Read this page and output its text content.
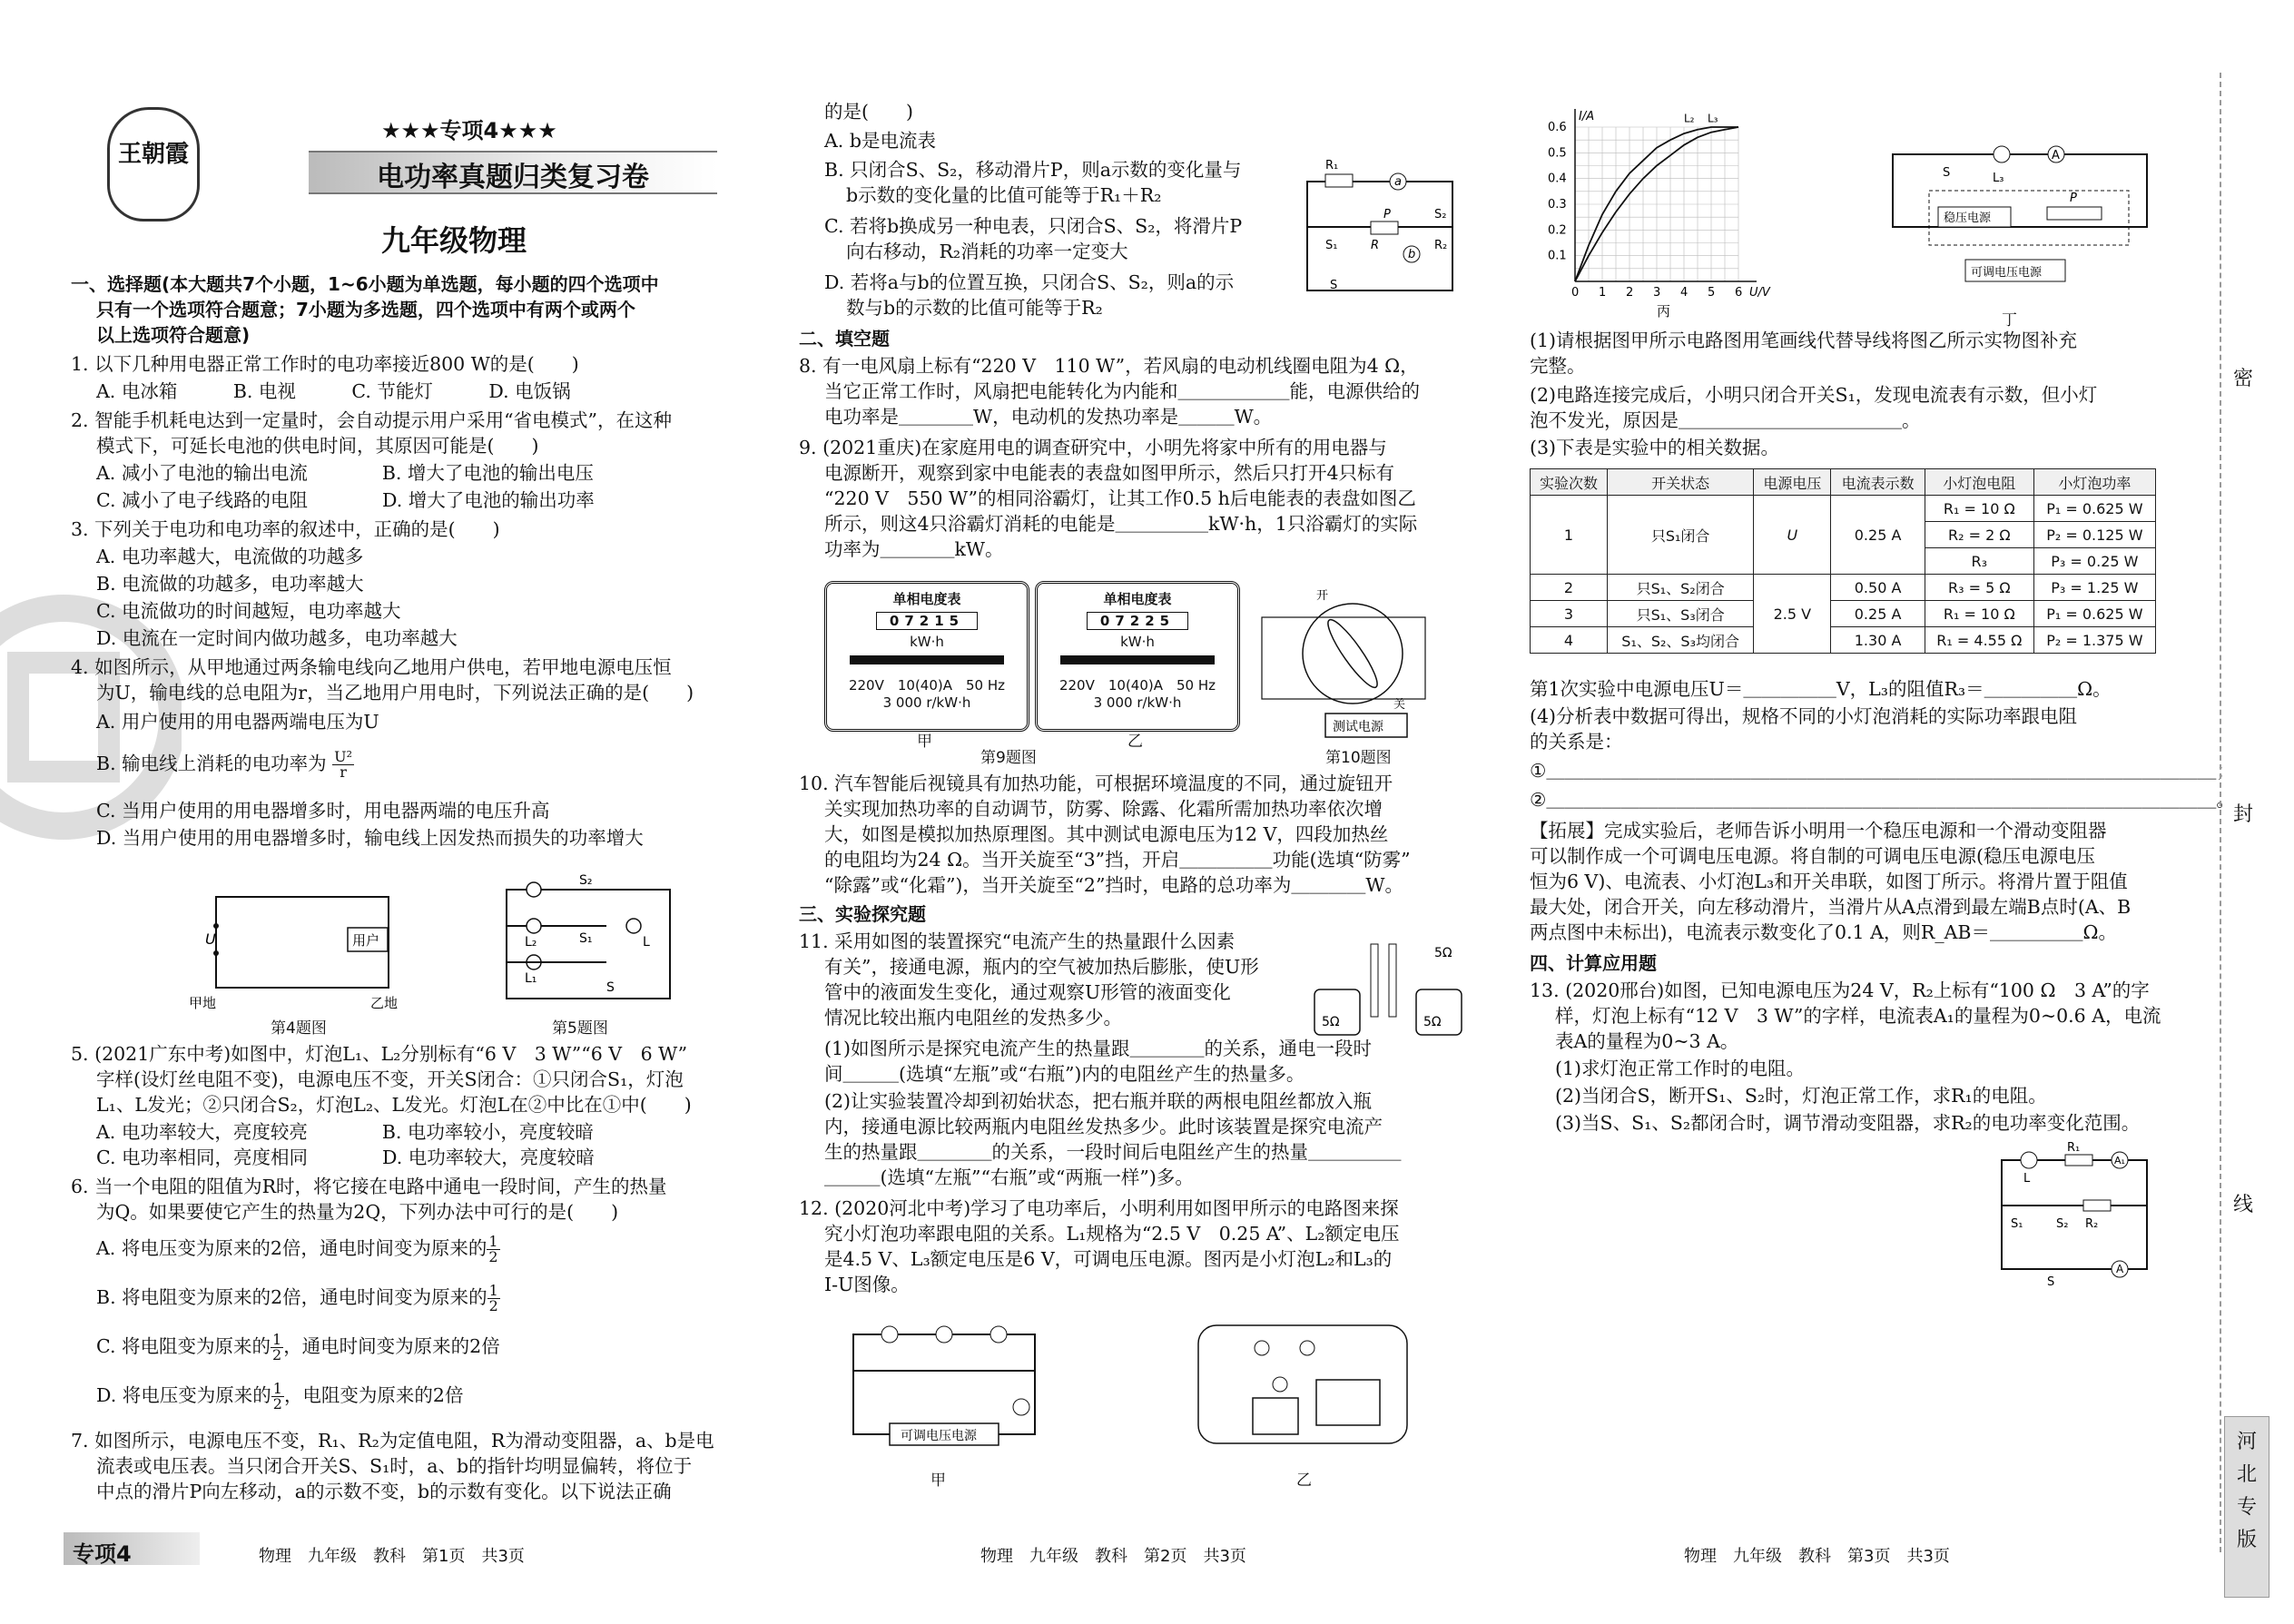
王朝霞
★★★专项4★★★
电功率真题归类复习卷
九年级物理
一、选择题(本大题共7个小题，1~6小题为单选题，每小题的四个选项中
只有一个选项符合题意；7小题为多选题，四个选项中有两个或两个
以上选项符合题意)
1. 以下几种用电器正常工作时的电功率接近800 W的是(　　)
A. 电冰箱　　　B. 电视　　　C. 节能灯　　　D. 电饭锅
2. 智能手机耗电达到一定量时，会自动提示用户采用“省电模式”，在这种
模式下，可延长电池的供电时间，其原因可能是(　　)
A. 减小了电池的输出电流　　　　B. 增大了电池的输出电压
C. 减小了电子线路的电阻　　　　D. 增大了电池的输出功率
3. 下列关于电功和电功率的叙述中，正确的是(　　)
A. 电功率越大，电流做的功越多
B. 电流做的功越多，电功率越大
C. 电流做功的时间越短，电功率越大
D. 电流在一定时间内做功越多，电功率越大
4. 如图所示，从甲地通过两条输电线向乙地用户供电，若甲地电源电压恒
为U，输电线的总电阻为r，当乙地用户用电时，下列说法正确的是(　　)
A. 用户使用的用电器两端电压为U
B. 输电线上消耗的电功率为 $\frac{\text{U²}}{r}$
C. 当用户使用的用电器增多时，用电器两端的电压升高
D. 当用户使用的用电器增多时，输电线上因发热而损失的功率增大
U	用户
甲地	乙地
第4题图
S₂
L₂	S₁	L
L₁
S
第5题图
5. (2021广东中考)如图中，灯泡L₁、L₂分别标有“6 V　3 W”“6 V　6 W”
字样(设灯丝电阻不变)，电源电压不变，开关S闭合：①只闭合S₁，灯泡
L₁、L发光；②只闭合S₂，灯泡L₂、L发光。灯泡L在②中比在①中(　　)
A. 电功率较大，亮度较亮　　　　B. 电功率较小，亮度较暗
C. 电功率相同，亮度相同　　　　D. 电功率较大，亮度较暗
6. 当一个电阻的阻值为R时，将它接在电路中通电一段时间，产生的热量
为Q。如果要使它产生的热量为2Q，下列办法中可行的是(　　)
A. 将电压变为原来的2倍，通电时间变为原来的 $\frac{1}{2}$
B. 将电阻变为原来的2倍，通电时间变为原来的 $\frac{1}{2}$
C. 将电阻变为原来的 $\frac{1}{2}$ ，通电时间变为原来的2倍
D. 将电压变为原来的 $\frac{1}{2}$ ，电阻变为原来的2倍
7. 如图所示，电源电压不变，R₁、R₂为定值电阻，R为滑动变阻器，a、b是电
流表或电压表。当只闭合开关S、S₁时，a、b的指针均明显偏转，将位于
中点的滑片P向左移动，a的示数不变，b的示数有变化。以下说法正确
的是(　　)
A. b是电流表
B. 只闭合S、S₂，移动滑片P，则a示数的变化量与
b示数的变化量的比值可能等于R₁＋R₂
C. 若将b换成另一种电表，只闭合S、S₂，将滑片P
向右移动，R₂消耗的功率一定变大
D. 若将a与b的位置互换，只闭合S、S₂，则a的示
数与b的示数的比值可能等于R₂
R₁
a
S₁
P	S₂
R₂
R
b
S
二、填空题
8. 有一电风扇上标有“220 V　110 W”，若风扇的电动机线圈电阻为4 Ω，
当它正常工作时，风扇把电能转化为内能和＿＿＿＿＿＿能，电源供给的
电功率是＿＿＿＿W，电动机的发热功率是＿＿＿W。
9. (2021重庆)在家庭用电的调查研究中，小明先将家中所有的用电器与
电源断开，观察到家中电能表的表盘如图甲所示，然后只打开4只标有
“220 V　550 W”的相同浴霸灯，让其工作0.5 h后电能表的表盘如图乙
所示，则这4只浴霸灯消耗的电能是＿＿＿＿＿kW·h，1只浴霸灯的实际
功率为＿＿＿＿kW。
单相电度表
07215
kW·h
220V　10(40)A　50 Hz
3 000 r/kW·h
单相电度表
07225
kW·h
220V　10(40)A　50 Hz
3 000 r/kW·h
甲	乙
第9题图
测试电源
开
关
第10题图
10. 汽车智能后视镜具有加热功能，可根据环境温度的不同，通过旋钮开
关实现加热功率的自动调节，防雾、除露、化霜所需加热功率依次增
大，如图是模拟加热原理图。其中测试电源电压为12 V，四段加热丝
的电阻均为24 Ω。当开关旋至“3”挡，开启＿＿＿＿＿功能(选填“防雾”
“除露”或“化霜”)，当开关旋至“2”挡时，电路的总功率为＿＿＿＿W。
三、实验探究题
11. 采用如图的装置探究“电流产生的热量跟什么因素
有关”，接通电源，瓶内的空气被加热后膨胀，使U形
管中的液面发生变化，通过观察U形管的液面变化
情况比较出瓶内电阻丝的发热多少。	5Ω	5Ω
5Ω
(1)如图所示是探究电流产生的热量跟＿＿＿＿的关系，通电一段时
间＿＿＿(选填“左瓶”或“右瓶”)内的电阻丝产生的热量多。
(2)让实验装置冷却到初始状态，把右瓶并联的两根电阻丝都放入瓶
内，接通电源比较两瓶内电阻丝发热多少。此时该装置是探究电流产
生的热量跟＿＿＿＿的关系，一段时间后电阻丝产生的热量＿＿＿＿＿
＿＿＿(选填“左瓶”“右瓶”或“两瓶一样”)多。
12. (2020河北中考)学习了电功率后，小明利用如图甲所示的电路图来探
究小灯泡功率跟电阻的关系。L₁规格为“2.5 V　0.25 A”、L₂额定电压
是4.5 V、L₃额定电压是6 V，可调电压电源。图丙是小灯泡L₂和L₃的
I-U图像。
可调电压电源
甲	乙
0 1 2 3 4 5 6
0.1
0.2
0.3
0.4
0.5
0.6
U/V
I/A	L₂ L₃
丙
S	L₃
A
P
稳压电源
可调电压电源
丁
(1)请根据图甲所示电路图用笔画线代替导线将图乙所示实物图补充
完整。
(2)电路连接完成后，小明只闭合开关S₁，发现电流表有示数，但小灯
泡不发光，原因是＿＿＿＿＿＿＿＿＿＿＿＿。
(3)下表是实验中的相关数据。
实验次数	开关状态	电源电压	电流表示数	小灯泡电阻	小灯泡功率
1	只S₁闭合	U	0.25 A	R₁ = 10 Ω	P₁ = 0.625 W
				R₂ = 2 Ω	P₂ = 0.125 W
				R₃	P₃ = 0.25 W
2	只S₁、S₂闭合	2.5 V	0.50 A	R₃ = 5 Ω	P₃ = 1.25 W
3	只S₁、S₃闭合		0.25 A	R₁ = 10 Ω	P₁ = 0.625 W
4	S₁、S₂、S₃均闭合		1.30 A	R₁ = 4.55 Ω	P₂ = 1.375 W
第1次实验中电源电压U＝＿＿＿＿＿V，L₃的阻值R₃＝＿＿＿＿＿Ω。
(4)分析表中数据可得出，规格不同的小灯泡消耗的实际功率跟电阻
的关系是：
①＿＿＿＿＿＿＿＿＿＿＿＿＿＿＿＿＿＿＿＿＿＿＿＿＿＿＿＿＿＿＿＿＿＿＿＿；
②＿＿＿＿＿＿＿＿＿＿＿＿＿＿＿＿＿＿＿＿＿＿＿＿＿＿＿＿＿＿＿＿＿＿＿＿。
【拓展】完成实验后，老师告诉小明用一个稳压电源和一个滑动变阻器
可以制作成一个可调电压电源。将自制的可调电压电源(稳压电源电压
恒为6 V)、电流表、小灯泡L₃和开关串联，如图丁所示。将滑片置于阻值
最大处，闭合开关，向左移动滑片，当滑片从A点滑到最左端B点时(A、B
两点图中未标出)，电流表示数变化了0.1 A，则R_AB＝＿＿＿＿＿Ω。
四、计算应用题
13. (2020邢台)如图，已知电源电压为24 V，R₂上标有“100 Ω　3 A”的字
样，灯泡上标有“12 V　3 W”的字样，电流表A₁的量程为0~0.6 A，电流
表A的量程为0~3 A。
(1)求灯泡正常工作时的电阻。
(2)当闭合S，断开S₁、S₂时，灯泡正常工作，求R₁的电阻。
(3)当S、S₁、S₂都闭合时，调节滑动变阻器，求R₂的电功率变化范围。
L
R₁
A₁
S₁	S₂ R₂
S
A
密
封
线
河
北
专
版
专项4	物理　九年级　教科　第1页　共3页	物理　九年级　教科　第2页　共3页	物理　九年级　教科　第3页　共3页
